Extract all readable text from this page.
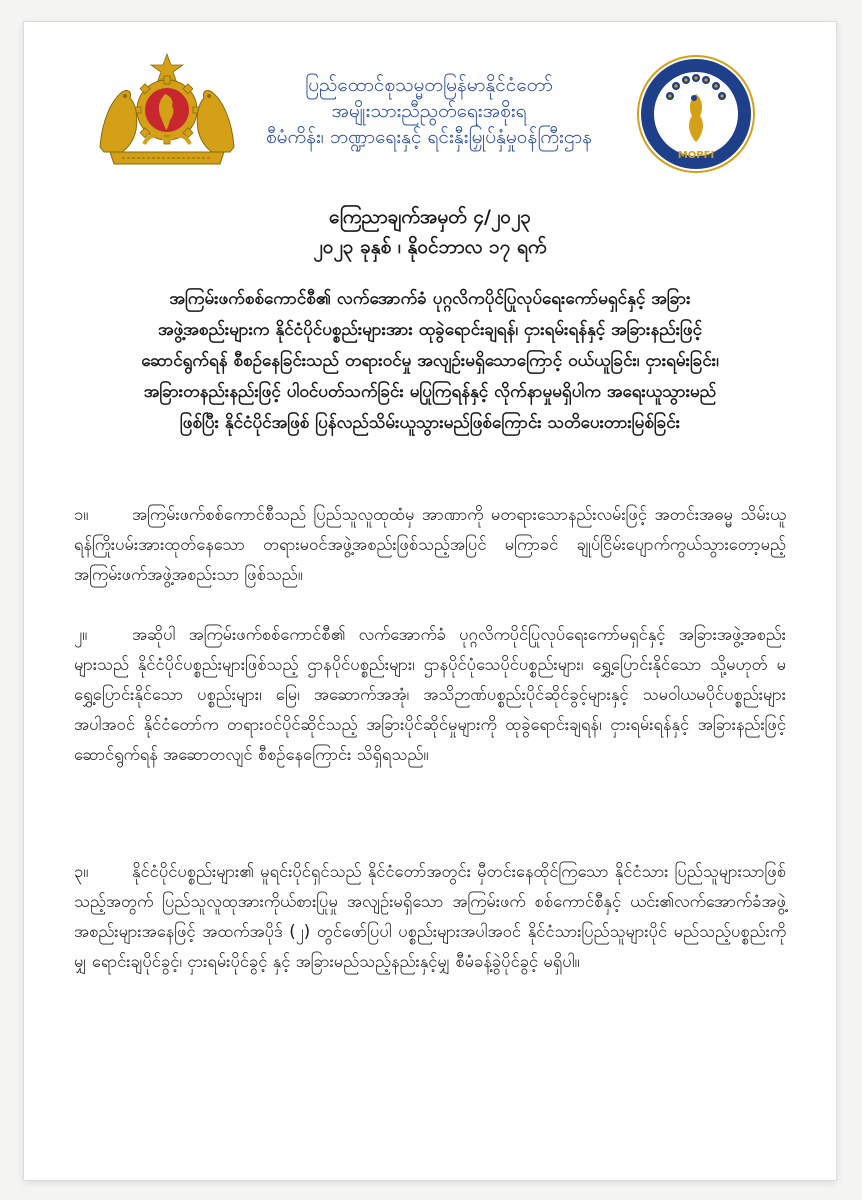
ပြည်ထောင်စုသမ္မတမြန်မာနိုင်ငံတော်
အမျိုးသားညီညွတ်ရေးအစိုးရ
စီမံကိန်း၊ ဘဏ္ဍာရေးနှင့် ရင်းနှီးမြှုပ်နှံမှုဝန်ကြီးဌာန
MOPFI
ကြေညာချက်အမှတ် ၄/၂၀၂၃
၂၀၂၃ ခုနှစ် ၊ နိုဝင်ဘာလ ၁၇ ရက်
အကြမ်းဖက်စစ်ကောင်စီ၏ လက်အောက်ခံ ပုဂ္ဂလိကပိုင်ပြုလုပ်ရေးကော်မရှင်နှင့် အခြား
အဖွဲ့အစည်းများက နိုင်ငံပိုင်ပစ္စည်းများအား ထုခွဲရောင်းချရန်၊ ငှားရမ်းရန်နှင့် အခြားနည်းဖြင့်
ဆောင်ရွက်ရန် စီစဥ်နေခြင်းသည် တရားဝင်မှု အလျဉ်းမရှိသောကြောင့် ဝယ်ယူခြင်း၊ ငှားရမ်းခြင်း၊
အခြားတနည်းနည်းဖြင့် ပါဝင်ပတ်သက်ခြင်း မပြုကြရန်နှင့် လိုက်နာမှုမရှိပါက အရေးယူသွားမည်
ဖြစ်ပြီး နိုင်ငံပိုင်အဖြစ် ပြန်လည်သိမ်းယူသွားမည်ဖြစ်ကြောင်း သတိပေးတားမြစ်ခြင်း
၁။	အကြမ်းဖက်စစ်ကောင်စီသည် ပြည်သူလူထုထံမှ အာဏာကို မတရားသောနည်းလမ်းဖြင့် အတင်းအဓမ္မ သိမ်းယူရန်ကြိုးပမ်းအားထုတ်နေသော တရားမဝင်အဖွဲ့အစည်းဖြစ်သည့်အပြင် မကြာခင် ချုပ်ငြိမ်းပျောက်ကွယ်သွားတော့မည့် အကြမ်းဖက်အဖွဲ့အစည်းသာ ဖြစ်သည်။
၂။	အဆိုပါ အကြမ်းဖက်စစ်ကောင်စီ၏ လက်အောက်ခံ ပုဂ္ဂလိကပိုင်ပြုလုပ်ရေးကော်မရှင်နှင့် အခြားအဖွဲ့အစည်းများသည် နိုင်ငံပိုင်ပစ္စည်းများဖြစ်သည့် ဌာနပိုင်ပစ္စည်းများ၊ ဌာနပိုင်ပုံသေပိုင်ပစ္စည်းများ၊ ရွှေ့ပြောင်းနိုင်သော သို့မဟုတ် မရွှေ့ပြောင်းနိုင်သော ပစ္စည်းများ၊ မြေ၊ အဆောက်အအုံ၊ အသိဉာဏ်ပစ္စည်းပိုင်ဆိုင်ခွင့်များနှင့် သမဝါယမပိုင်ပစ္စည်းများအပါအဝင် နိုင်ငံတော်က တရားဝင်ပိုင်ဆိုင်သည့် အခြားပိုင်ဆိုင်မှုများကို ထုခွဲရောင်းချရန်၊ ငှားရမ်းရန်နှင့် အခြားနည်းဖြင့် ဆောင်ရွက်ရန် အဆောတလျင် စီစဥ်နေကြောင်း သိရှိရသည်။
၃။	နိုင်ငံပိုင်ပစ္စည်းများ၏ မူရင်းပိုင်ရှင်သည် နိုင်ငံတော်အတွင်း မှီတင်းနေထိုင်ကြသော နိုင်ငံသား ပြည်သူများသာဖြစ်သည့်အတွက် ပြည်သူလူထုအားကိုယ်စားပြုမှု အလျဉ်းမရှိသော အကြမ်းဖက် စစ်ကောင်စီနှင့် ယင်း၏လက်အောက်ခံအဖွဲ့အစည်းများအနေဖြင့် အထက်အပိုဒ် (၂) တွင်ဖော်ပြပါ ပစ္စည်းများအပါအဝင် နိုင်ငံသားပြည်သူများပိုင် မည်သည့်ပစ္စည်းကိုမျှ ရောင်းချပိုင်ခွင့်၊ ငှားရမ်းပိုင်ခွင့် နှင့် အခြားမည်သည့်နည်းနှင့်မျှ စီမံခန့်ခွဲပိုင်ခွင့် မရှိပါ။
